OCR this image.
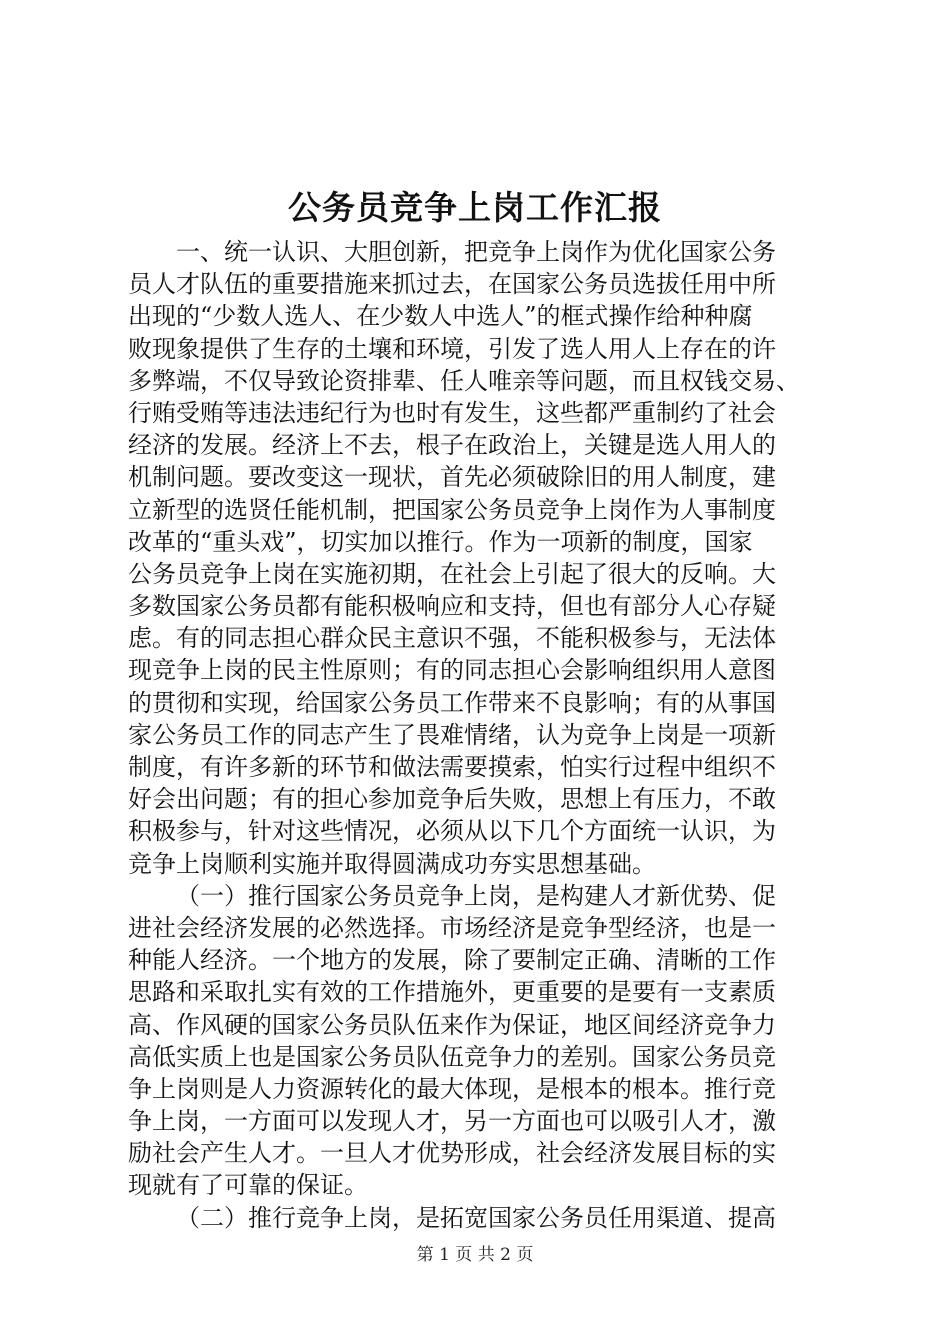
公务员竞争上岗工作汇报
一、统一认识、大胆创新，把竞争上岗作为优化国家公务
员人才队伍的重要措施来抓过去，在国家公务员选拔任用中所
出现的“少数人选人、在少数人中选人”的框式操作给种种腐
败现象提供了生存的土壤和环境，引发了选人用人上存在的许
多弊端，不仅导致论资排辈、任人唯亲等问题，而且权钱交易、
行贿受贿等违法违纪行为也时有发生，这些都严重制约了社会
经济的发展。经济上不去，根子在政治上，关键是选人用人的
机制问题。要改变这一现状，首先必须破除旧的用人制度，建
立新型的选贤任能机制，把国家公务员竞争上岗作为人事制度
改革的“重头戏”，切实加以推行。作为一项新的制度，国家
公务员竞争上岗在实施初期，在社会上引起了很大的反响。大
多数国家公务员都有能积极响应和支持，但也有部分人心存疑
虑。有的同志担心群众民主意识不强，不能积极参与，无法体
现竞争上岗的民主性原则；有的同志担心会影响组织用人意图
的贯彻和实现，给国家公务员工作带来不良影响；有的从事国
家公务员工作的同志产生了畏难情绪，认为竞争上岗是一项新
制度，有许多新的环节和做法需要摸索，怕实行过程中组织不
好会出问题；有的担心参加竞争后失败，思想上有压力，不敢
积极参与，针对这些情况，必须从以下几个方面统一认识，为
竞争上岗顺利实施并取得圆满成功夯实思想基础。
（一）推行国家公务员竞争上岗，是构建人才新优势、促
进社会经济发展的必然选择。市场经济是竞争型经济，也是一
种能人经济。一个地方的发展，除了要制定正确、清晰的工作
思路和采取扎实有效的工作措施外，更重要的是要有一支素质
高、作风硬的国家公务员队伍来作为保证，地区间经济竞争力
高低实质上也是国家公务员队伍竞争力的差别。国家公务员竞
争上岗则是人力资源转化的最大体现，是根本的根本。推行竞
争上岗，一方面可以发现人才，另一方面也可以吸引人才，激
励社会产生人才。一旦人才优势形成，社会经济发展目标的实
现就有了可靠的保证。
（二）推行竞争上岗，是拓宽国家公务员任用渠道、提高
第 1 页 共 2 页
